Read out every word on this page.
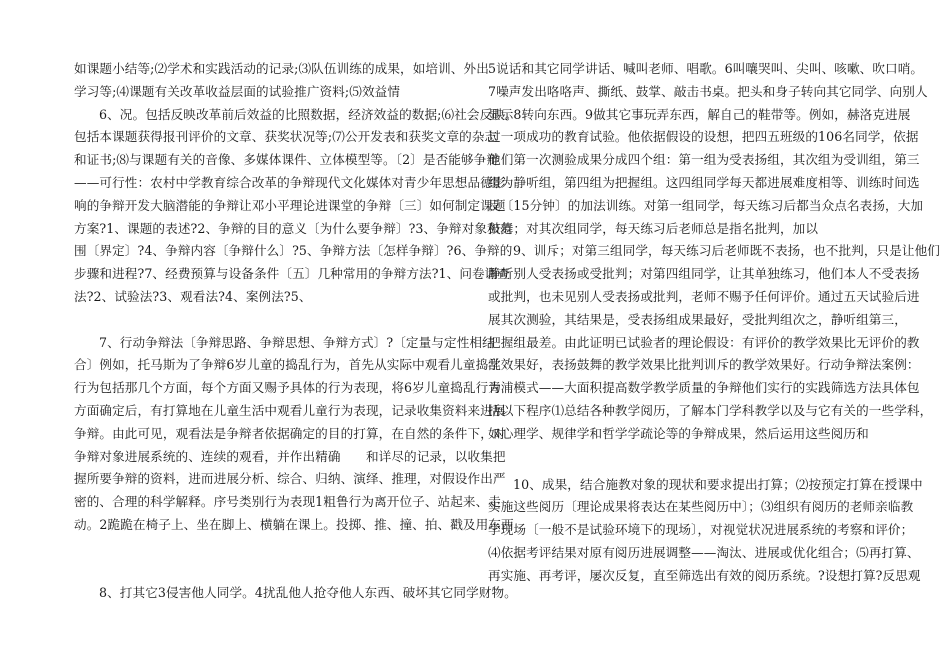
如课题小结等;⑵学术和实践活动的记录;⑶队伍训练的成果，如培训、外出
学习等;⑷课题有关改革收益层面的试验推广资料;⑸效益情
6、况。包括反映改革前后效益的比照数据，经济效益的数据;⑹社会反映。
包括本课题获得报刊评价的文章、获奖状况等;⑺公开发表和获奖文章的杂志
和证书;⑻与课题有关的音像、多媒体课件、立体模型等。〔2〕是否能够争辩
——可行性：农村中学教育综合改革的争辩现代文化媒体对青少年思想品德影
响的争辩开发大脑潜能的争辩让邓小平理论进课堂的争辩〔三〕如何制定课题
方案?1、课题的表述?2、争辩的目的意义〔为什么要争辩〕?3、争辩对象和范
围〔界定〕?4、争辩内容〔争辩什么〕?5、争辩方法〔怎样争辩〕?6、争辩的
步骤和进程?7、经费预算与设备条件〔五〕几种常用的争辩方法?1、问卷调查
法?2、试验法?3、观看法?4、案例法?5、
7、行动争辩法〔争辩思路、争辩思想、争辩方式〕?〔定量与定性相结
合〕例如，托马斯为了争辩6岁儿童的捣乱行为，首先从实际中观看儿童捣乱
行为包括那几个方面，每个方面又赐予具体的行为表现，将6岁儿童捣乱行为
方面确定后，有打算地在儿童生活中观看儿童行为表现，记录收集资料来进展
争辩。由此可见，观看法是争辩者依据确定的目的打算，在自然的条件下，对
争辩对象进展系统的、连续的观看，并作出精确　　和详尽的记录，以收集把
握所要争辩的资料，进而进展分析、综合、归纳、演绎、推理，对假设作出严
密的、合理的科学解释。序号类别行为表现1粗鲁行为离开位子、站起来、走
动。2跪跪在椅子上、坐在脚上、横躺在课上。投掷、推、撞、拍、戳及用东西
8、打其它3侵害他人同学。4扰乱他人抢夺他人东西、破坏其它同学财物。
5说话和其它同学讲话、喊叫老师、唱歌。6叫嚷哭叫、尖叫、咳嗽、吹口哨。
7噪声发出咯咯声、撕纸、鼓掌、敲击书桌。把头和身子转向其它同学、向别人
显示8转向东西。9做其它事玩弄东西，解自己的鞋带等。例如，赫洛克进展
过一项成功的教育试验。他依据假设的设想，把四五班级的106名同学，依据
他们第一次测验成果分成四个组：第一组为受表扬组，其次组为受训组，第三
组为静听组，第四组为把握组。这四组同学每天都进展难度相等、训练时间选
反〔15分钟〕的加法训练。对第一组同学，每天练习后都当众点名表扬，大加
鼓舞；对其次组同学，每天练习后老师总是指名批判，加以
9、训斥；对第三组同学，每天练习后老师既不表扬，也不批判，只是让他们
静听别人受表扬或受批判；对第四组同学，让其单独练习，他们本人不受表扬
或批判，也未见别人受表扬或批判，老师不赐予任何评价。通过五天试验后进
展其次测验，其结果是，受表扬组成果最好，受批判组次之，静听组第三，
把握组最差。由此证明已试验者的理论假设：有评价的教学效果比无评价的教
学效果好，表扬鼓舞的教学效果比批判训斥的教学效果好。行动争辩法案例：
青浦模式——大面积提高数学教学质量的争辩他们实行的实践筛选方法具体包
括以下程序⑴总结各种教学阅历，了解本门学科教学以及与它有关的一些学科，
如心理学、规律学和哲学学疏论等的争辩成果，然后运用这些阅历和
10、成果，结合施教对象的现状和要求提出打算；⑵按预定打算在授课中
实施这些阅历〔理论成果将表达在某些阅历中〕；⑶组织有阅历的老师亲临教
学现场〔一般不是试验环境下的现场〕，对视觉状况进展系统的考察和评价；
⑷依据考评结果对原有阅历进展调整——淘汰、进展或优化组合；⑸再打算、
再实施、再考评，屡次反复，直至筛选出有效的阅历系统。?设想打算?反思观
